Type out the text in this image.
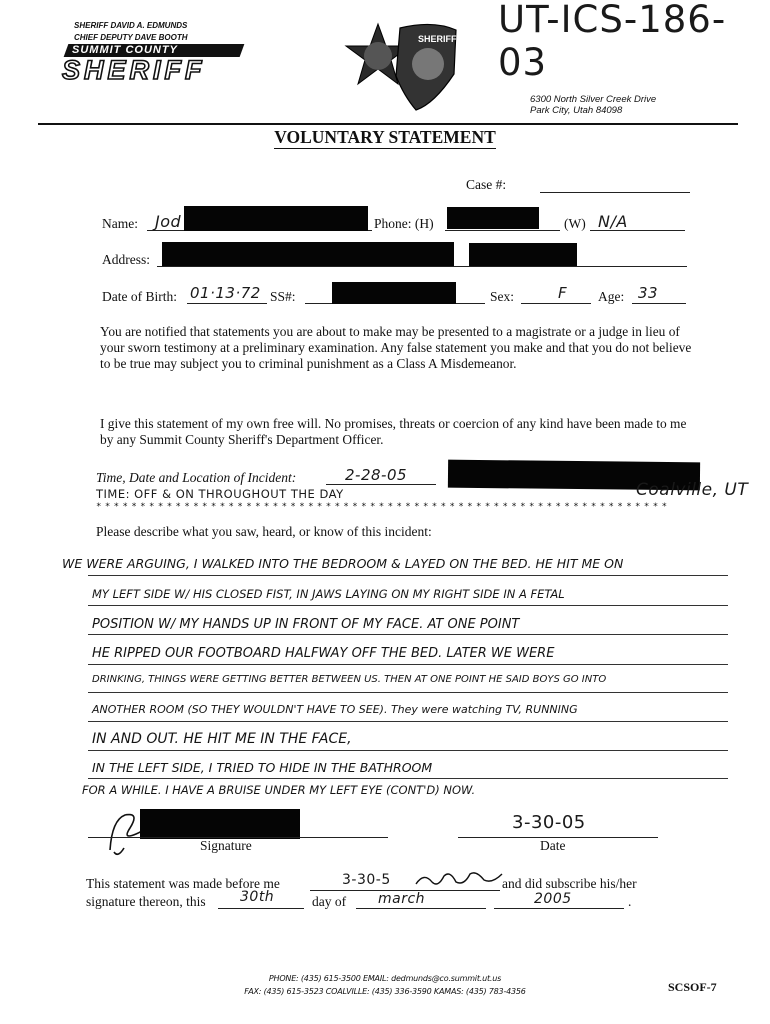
SHERIFF DAVID A. EDMUNDS
CHIEF DEPUTY DAVE BOOTH
SUMMIT COUNTY
SHERIFF
SHERIFF UT-ICS-186-03
6300 North Silver Creek Drive
Park City, Utah 84098
VOLUNTARY STATEMENT
Case #:
Name: Jod	Phone: (H)	(W) N/A
Address:
Date of Birth: 01·13·72 SS#:	Sex:	F Age: 33
You are notified that statements you are about to make may be presented to a magistrate or a judge in lieu of your sworn testimony at a preliminary examination. Any false statement you make and that you do not believe to be true may subject you to criminal punishment as a Class A Misdemeanor.
I give this statement of my own free will. No promises, threats or coercion of any kind have been made to me by any Summit County Sheriff's Department Officer.
Time, Date and Location of Incident:	2-28-05
TIME: OFF & ON THROUGHOUT THE DAY	Coalville, UT
* * * * * * * * * * * * * * * * * * * * * * * * * * * * * * * * * * * * * * * * * * * * * * * * * * * * * * * * * * * * * * * * *
Please describe what you saw, heard, or know of this incident:
WE WERE ARGUING, I WALKED INTO THE BEDROOM & LAYED ON THE BED. HE HIT ME ON
MY LEFT SIDE W/ HIS CLOSED FIST, IN JAWS LAYING ON MY RIGHT SIDE IN A FETAL
POSITION W/ MY HANDS UP IN FRONT OF MY FACE. AT ONE POINT
HE RIPPED OUR FOOTBOARD HALFWAY OFF THE BED. LATER WE WERE
DRINKING, THINGS WERE GETTING BETTER BETWEEN US. THEN AT ONE POINT HE SAID BOYS GO INTO
ANOTHER ROOM (SO THEY WOULDN'T HAVE TO SEE). They were watching TV, RUNNING
IN AND OUT. HE HIT ME IN THE FACE,
IN THE LEFT SIDE, I TRIED TO HIDE IN THE BATHROOM
FOR A WHILE. I HAVE A BRUISE UNDER MY LEFT EYE (CONT'D) NOW.
Signature
3-30-05
Date
This statement was made before me	3-30-5	and did subscribe his/her
signature thereon, this 30th	day of march	2005	.
PHONE: (435) 615-3500 EMAIL: dedmunds@co.summit.ut.us
FAX: (435) 615-3523 COALVILLE: (435) 336-3590 KAMAS: (435) 783-4356	SCSOF-7
